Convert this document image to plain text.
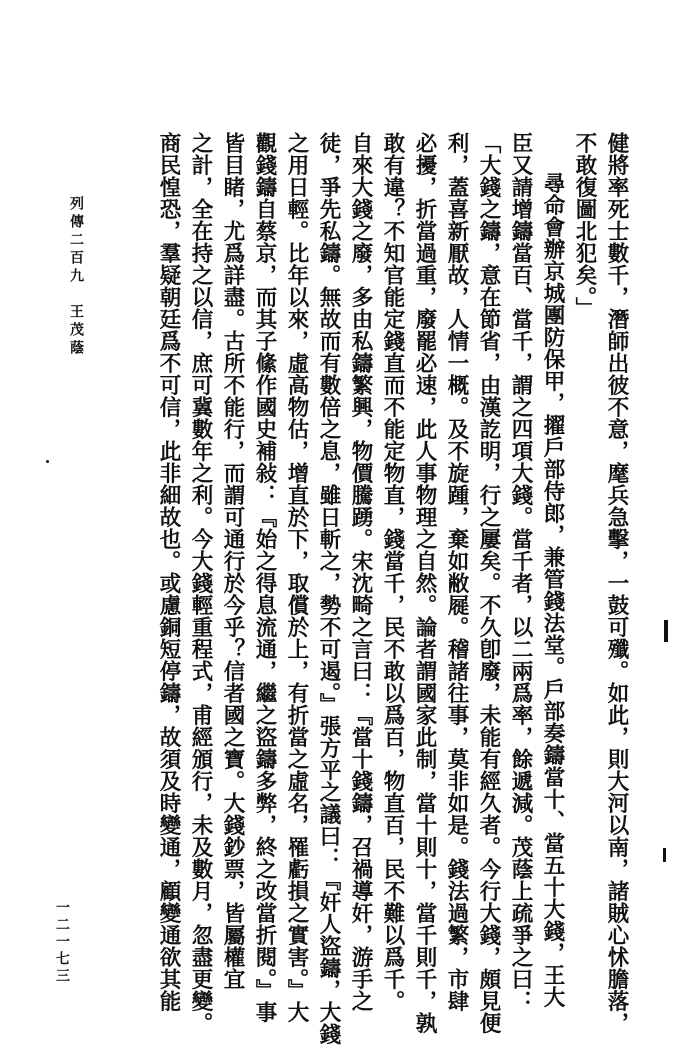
健將率死士數千，潛師出彼不意，麾兵急擊，一鼓可殲。如此，則大河以南，諸賊心怵膽落，
不敢復圖北犯矣。」
尋命會辦京城團防保甲，擢戶部侍郎，兼管錢法堂。戶部奏鑄當十、當五十大錢，王大
臣又請增鑄當百、當千，謂之四項大錢。當千者，以二兩爲率，餘遞減。茂蔭上疏爭之曰：
「大錢之鑄，意在節省，由漢訖明，行之屢矣。不久卽廢，未能有經久者。今行大錢，頗見便
利，蓋喜新厭故，人情一概。及不旋踵，棄如敝屣。稽諸往事，莫非如是。錢法過繁，市肆
必擾，折當過重，廢罷必速，此人事物理之自然。論者謂國家此制，當十則十，當千則千，孰
敢有違？不知官能定錢直而不能定物直，錢當千，民不敢以爲百，物直百，民不難以爲千。
自來大錢之廢，多由私鑄繁興，物價騰踴。宋沈畸之言曰：『當十錢鑄，召禍導奸，游手之
徒，爭先私鑄。無故而有數倍之息，雖日斬之，勢不可遏。』張方平之議曰：『奸人盜鑄，大錢
之用日輕。比年以來，虛高物估，增直於下，取償於上，有折當之虛名，罹虧損之實害。』大
觀錢鑄自蔡京，而其子絛作國史補敍：『始之得息流通，繼之盜鑄多弊，終之改當折閱。』事
皆目睹，尤爲詳盡。古所不能行，而謂可通行於今乎？信者國之寶。大錢鈔票，皆屬權宜
之計，全在持之以信，庶可冀數年之利。今大錢輕重程式，甫經頒行，未及數月，忽盡更變。
商民惶恐，羣疑朝廷爲不可信，此非細故也。或慮銅短停鑄，故須及時變通，顧變通欲其能
列傳二百九　王茂蔭
一二一七三
